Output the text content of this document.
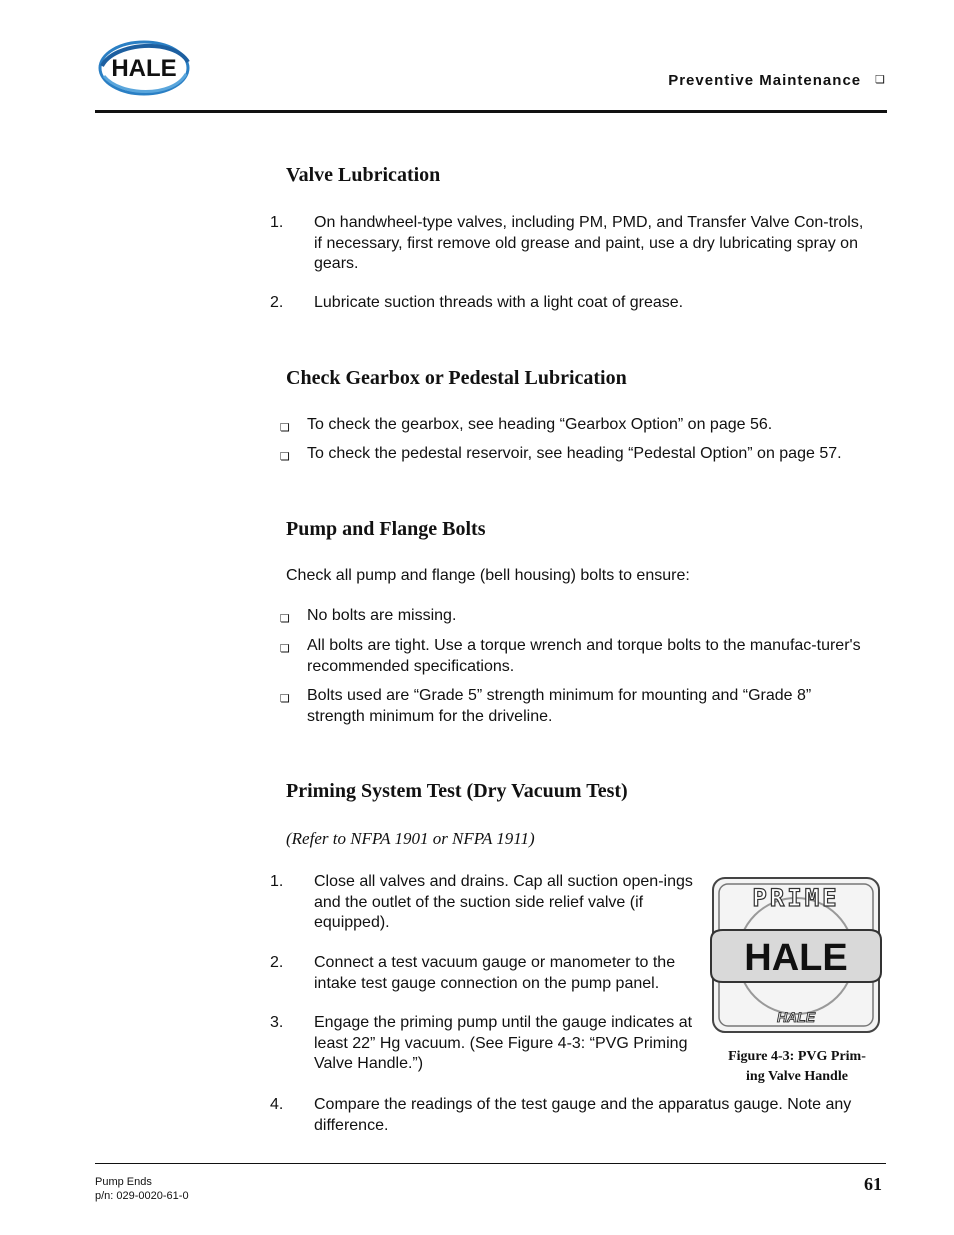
HALE	Preventive Maintenance ❏
Valve Lubrication
1. On handwheel-type valves, including PM, PMD, and Transfer Valve Con-trols, if necessary, first remove old grease and paint, use a dry lubricating spray on gears.
2. Lubricate suction threads with a light coat of grease.
Check Gearbox or Pedestal Lubrication
❏ To check the gearbox, see heading “Gearbox Option” on page 56.
❏ To check the pedestal reservoir, see heading “Pedestal Option” on page 57.
Pump and Flange Bolts
Check all pump and flange (bell housing) bolts to ensure:
❏ No bolts are missing.
❏ All bolts are tight. Use a torque wrench and torque bolts to the manufac-turer's recommended specifications.
❏ Bolts used are “Grade 5” strength minimum for mounting and “Grade 8” strength minimum for the driveline.
Priming System Test (Dry Vacuum Test)
(Refer to NFPA 1901 or NFPA 1911)
1. Close all valves and drains. Cap all suction open-ings and the outlet of the suction side relief valve (if equipped).
2. Connect a test vacuum gauge or manometer to the intake test gauge connection on the pump panel.
3. Engage the priming pump until the gauge indicates at least 22” Hg vacuum. (See Figure 4-3: “PVG Priming Valve Handle.”)
4. Compare the readings of the test gauge and the apparatus gauge. Note any difference.
PRIME
HALE
HALE
Figure 4-3: PVG Prim-
ing Valve Handle
Pump Ends
p/n: 029-0020-61-0
61
